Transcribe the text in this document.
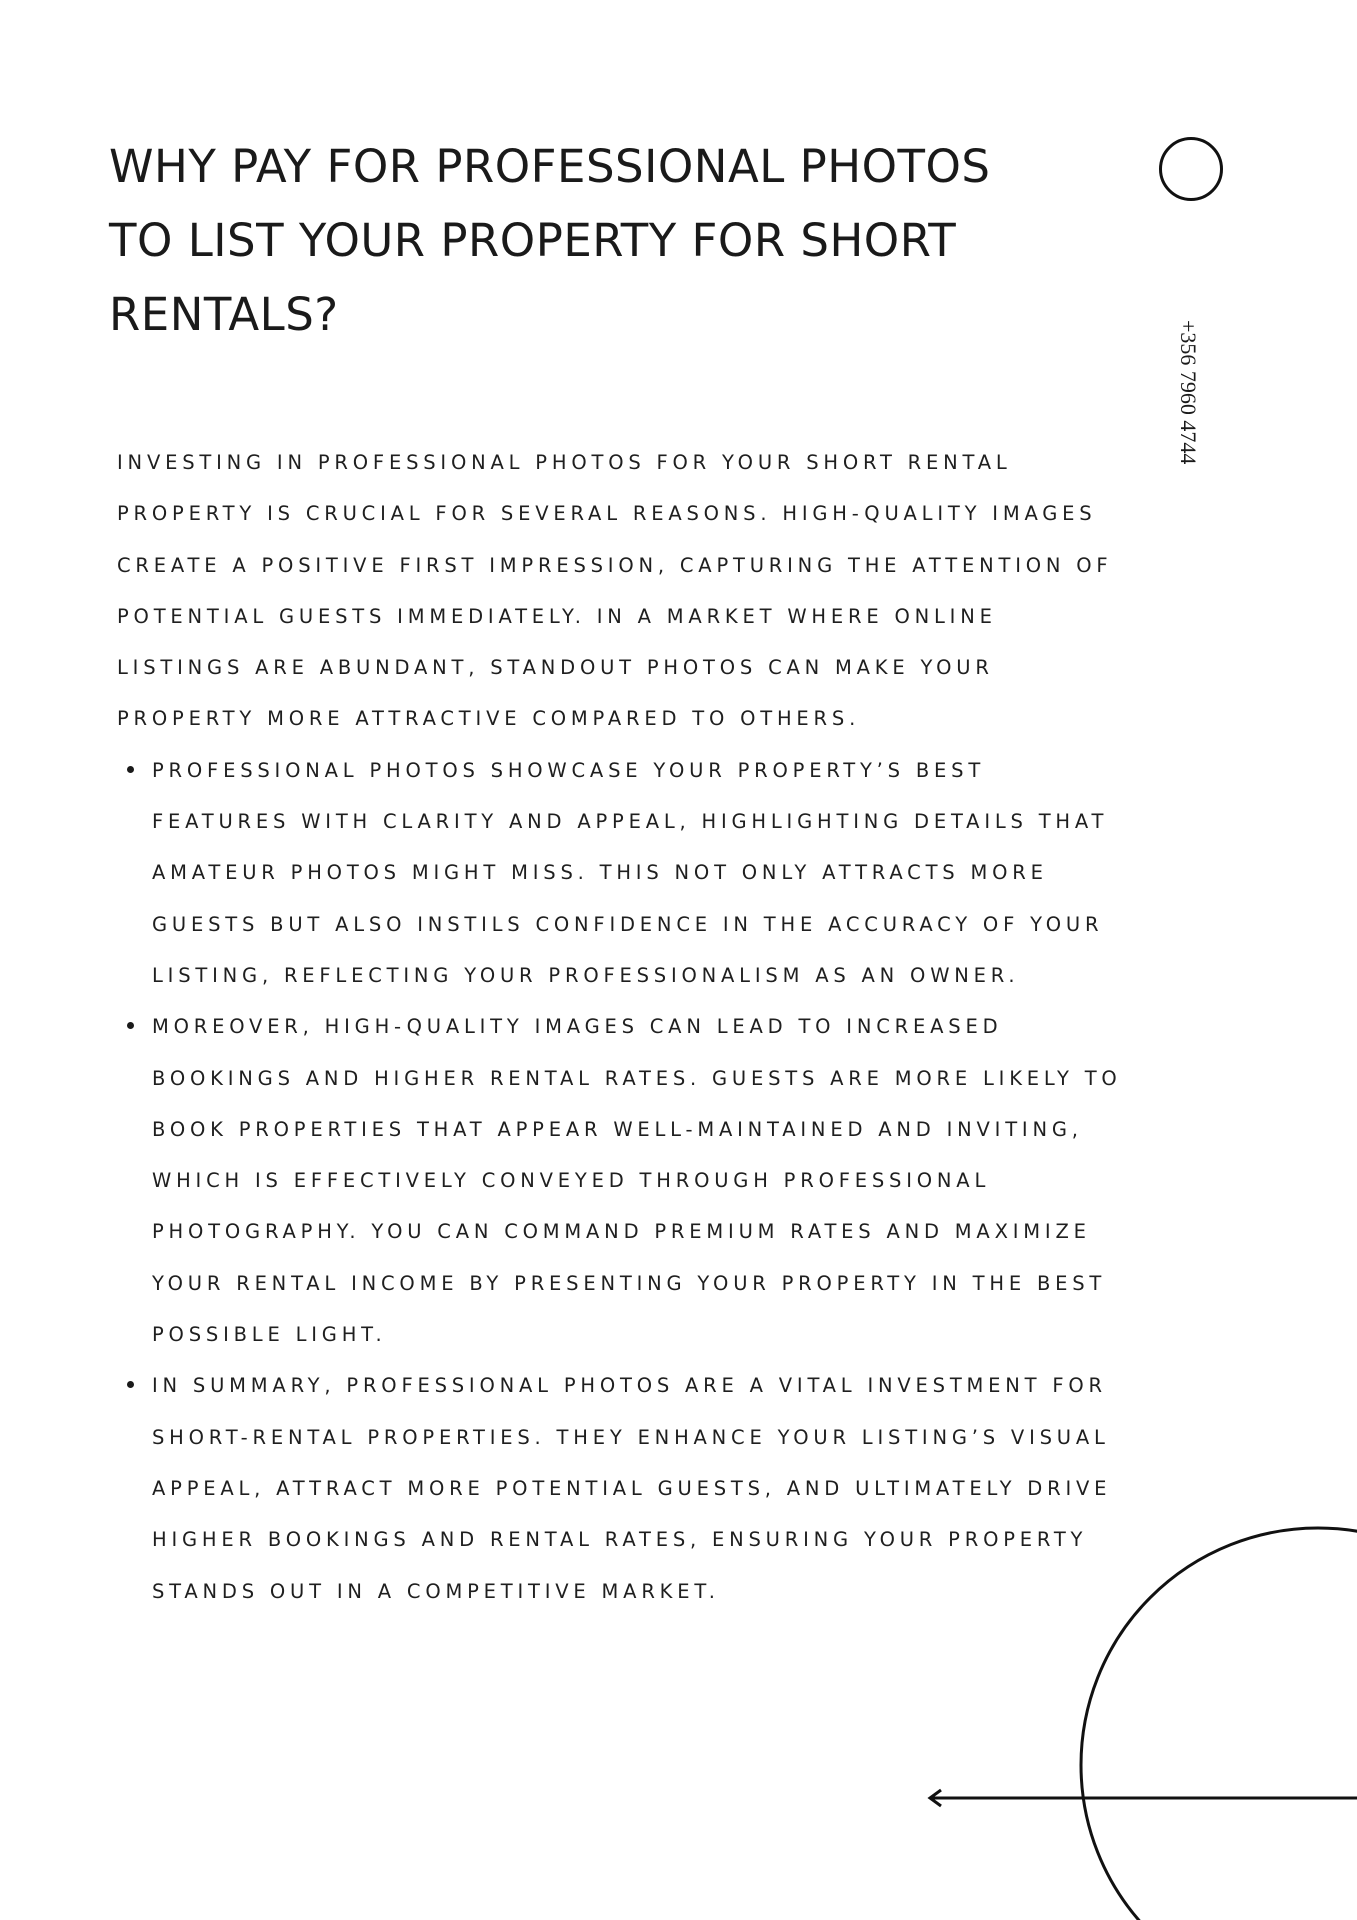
WHY PAY FOR PROFESSIONAL PHOTOS
TO LIST YOUR PROPERTY FOR SHORT
RENTALS?
+356 7960 4744

INVESTING IN PROFESSIONAL PHOTOS FOR YOUR SHORT RENTAL
PROPERTY IS CRUCIAL FOR SEVERAL REASONS. HIGH-QUALITY IMAGES
CREATE A POSITIVE FIRST IMPRESSION, CAPTURING THE ATTENTION OF
POTENTIAL GUESTS IMMEDIATELY. IN A MARKET WHERE ONLINE
LISTINGS ARE ABUNDANT, STANDOUT PHOTOS CAN MAKE YOUR
PROPERTY MORE ATTRACTIVE COMPARED TO OTHERS.

PROFESSIONAL PHOTOS SHOWCASE YOUR PROPERTY’S BEST
FEATURES WITH CLARITY AND APPEAL, HIGHLIGHTING DETAILS THAT
AMATEUR PHOTOS MIGHT MISS. THIS NOT ONLY ATTRACTS MORE
GUESTS BUT ALSO INSTILS CONFIDENCE IN THE ACCURACY OF YOUR
LISTING, REFLECTING YOUR PROFESSIONALISM AS AN OWNER.
MOREOVER, HIGH-QUALITY IMAGES CAN LEAD TO INCREASED
BOOKINGS AND HIGHER RENTAL RATES. GUESTS ARE MORE LIKELY TO
BOOK PROPERTIES THAT APPEAR WELL-MAINTAINED AND INVITING,
WHICH IS EFFECTIVELY CONVEYED THROUGH PROFESSIONAL
PHOTOGRAPHY. YOU CAN COMMAND PREMIUM RATES AND MAXIMIZE
YOUR RENTAL INCOME BY PRESENTING YOUR PROPERTY IN THE BEST
POSSIBLE LIGHT.
IN SUMMARY, PROFESSIONAL PHOTOS ARE A VITAL INVESTMENT FOR
SHORT-RENTAL PROPERTIES. THEY ENHANCE YOUR LISTING’S VISUAL
APPEAL, ATTRACT MORE POTENTIAL GUESTS, AND ULTIMATELY DRIVE
HIGHER BOOKINGS AND RENTAL RATES, ENSURING YOUR PROPERTY
STANDS OUT IN A COMPETITIVE MARKET.
